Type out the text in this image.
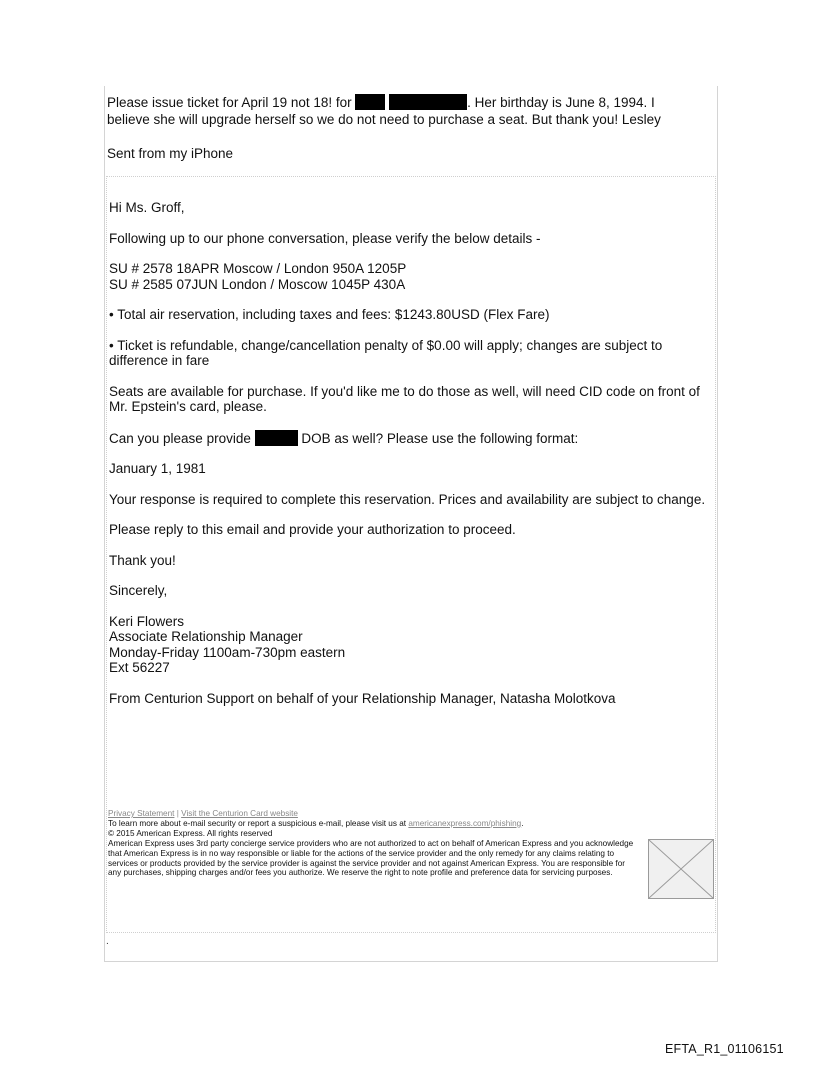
Please issue ticket for April 19 not 18! for	. Her birthday is June 8, 1994. I

believe she will upgrade herself so we do not need to purchase a seat. But thank you! Lesley

Sent from my iPhone

Hi Ms. Groff,

Following up to our phone conversation, please verify the below details -

SU # 2578 18APR Moscow / London 950A 1205P

SU # 2585 07JUN London / Moscow 1045P 430A

• Total air reservation, including taxes and fees: $1243.80USD (Flex Fare)

• Ticket is refundable, change/cancellation penalty of $0.00 will apply; changes are subject to difference in fare

Seats are available for purchase. If you'd like me to do those as well, will need CID code on front of Mr. Epstein's card, please.

Can you please provide	DOB as well? Please use the following format:

January 1, 1981

Your response is required to complete this reservation. Prices and availability are subject to change.

Please reply to this email and provide your authorization to proceed.

Thank you!

Sincerely,

Keri Flowers

Associate Relationship Manager

Monday-Friday 1100am-730pm eastern

Ext 56227

From Centurion Support on behalf of your Relationship Manager, Natasha Molotkova

Privacy Statement | Visit the Centurion Card website

To learn more about e-mail security or report a suspicious e-mail, please visit us at americanexpress.com/phishing.

© 2015 American Express. All rights reserved

American Express uses 3rd party concierge service providers who are not authorized to act on behalf of American Express and you acknowledge that American Express is in no way responsible or liable for the actions of the service provider and the only remedy for any claims relating to services or products provided by the service provider is against the service provider and not against American Express. You are responsible for any purchases, shipping charges and/or fees you authorize. We reserve the right to note profile and preference data for servicing purposes.

.
EFTA_R1_01106151
